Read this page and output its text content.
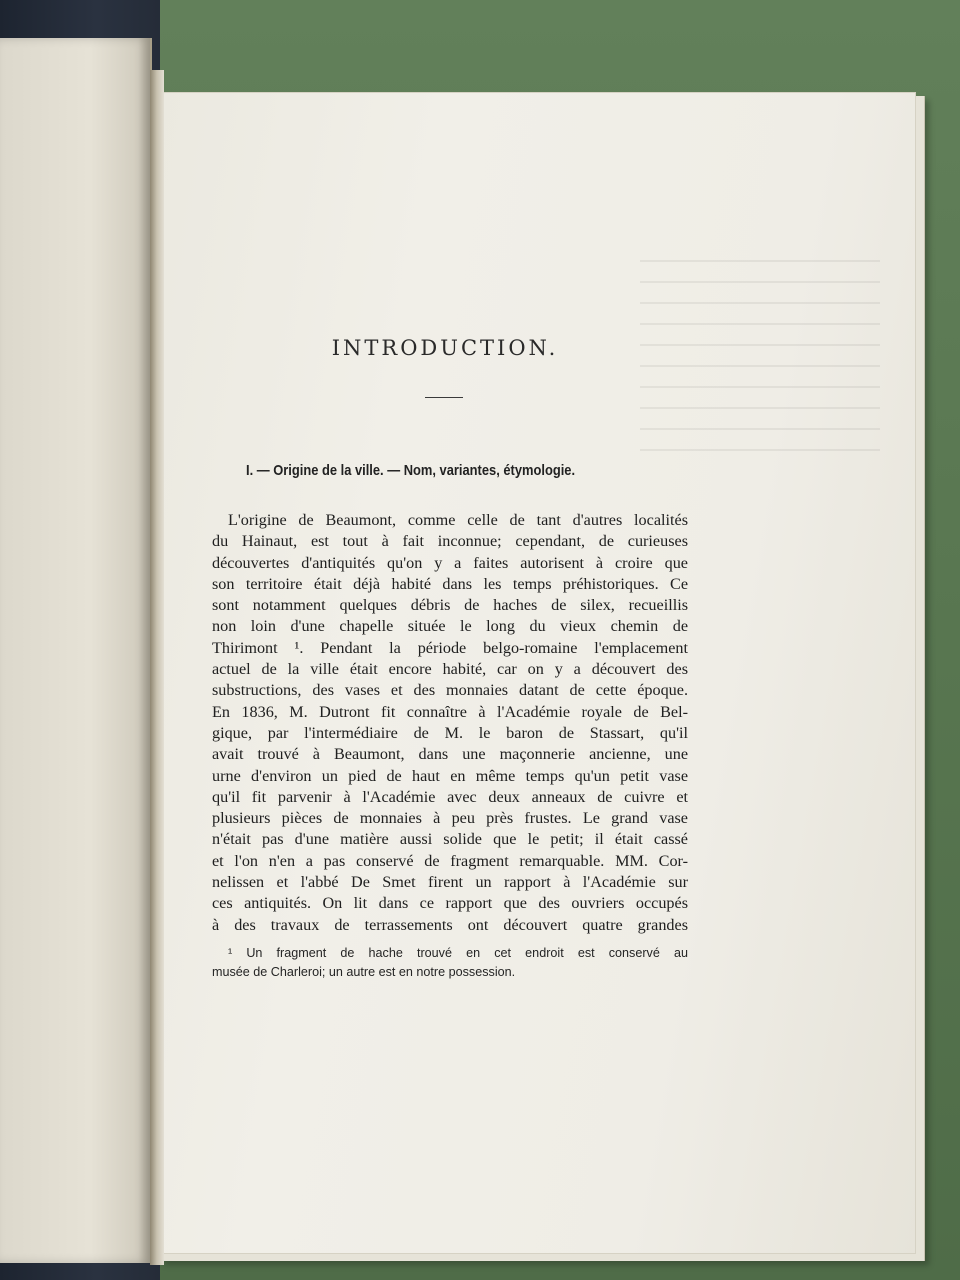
INTRODUCTION.
I. — Origine de la ville. — Nom, variantes, étymologie.
L'origine de Beaumont, comme celle de tant d'autres localités
du Hainaut, est tout à fait inconnue; cependant, de curieuses
découvertes d'antiquités qu'on y a faites autorisent à croire que
son territoire était déjà habité dans les temps préhistoriques. Ce
sont notamment quelques débris de haches de silex, recueillis
non loin d'une chapelle située le long du vieux chemin de
Thirimont ¹. Pendant la période belgo-romaine l'emplacement
actuel de la ville était encore habité, car on y a découvert des
substructions, des vases et des monnaies datant de cette époque.
En 1836, M. Dutront fit connaître à l'Académie royale de Bel-
gique, par l'intermédiaire de M. le baron de Stassart, qu'il
avait trouvé à Beaumont, dans une maçonnerie ancienne, une
urne d'environ un pied de haut en même temps qu'un petit vase
qu'il fit parvenir à l'Académie avec deux anneaux de cuivre et
plusieurs pièces de monnaies à peu près frustes. Le grand vase
n'était pas d'une matière aussi solide que le petit; il était cassé
et l'on n'en a pas conservé de fragment remarquable. MM. Cor-
nelissen et l'abbé De Smet firent un rapport à l'Académie sur
ces antiquités. On lit dans ce rapport que des ouvriers occupés
à des travaux de terrassements ont découvert quatre grandes
¹ Un fragment de hache trouvé en cet endroit est conservé au
musée de Charleroi; un autre est en notre possession.
